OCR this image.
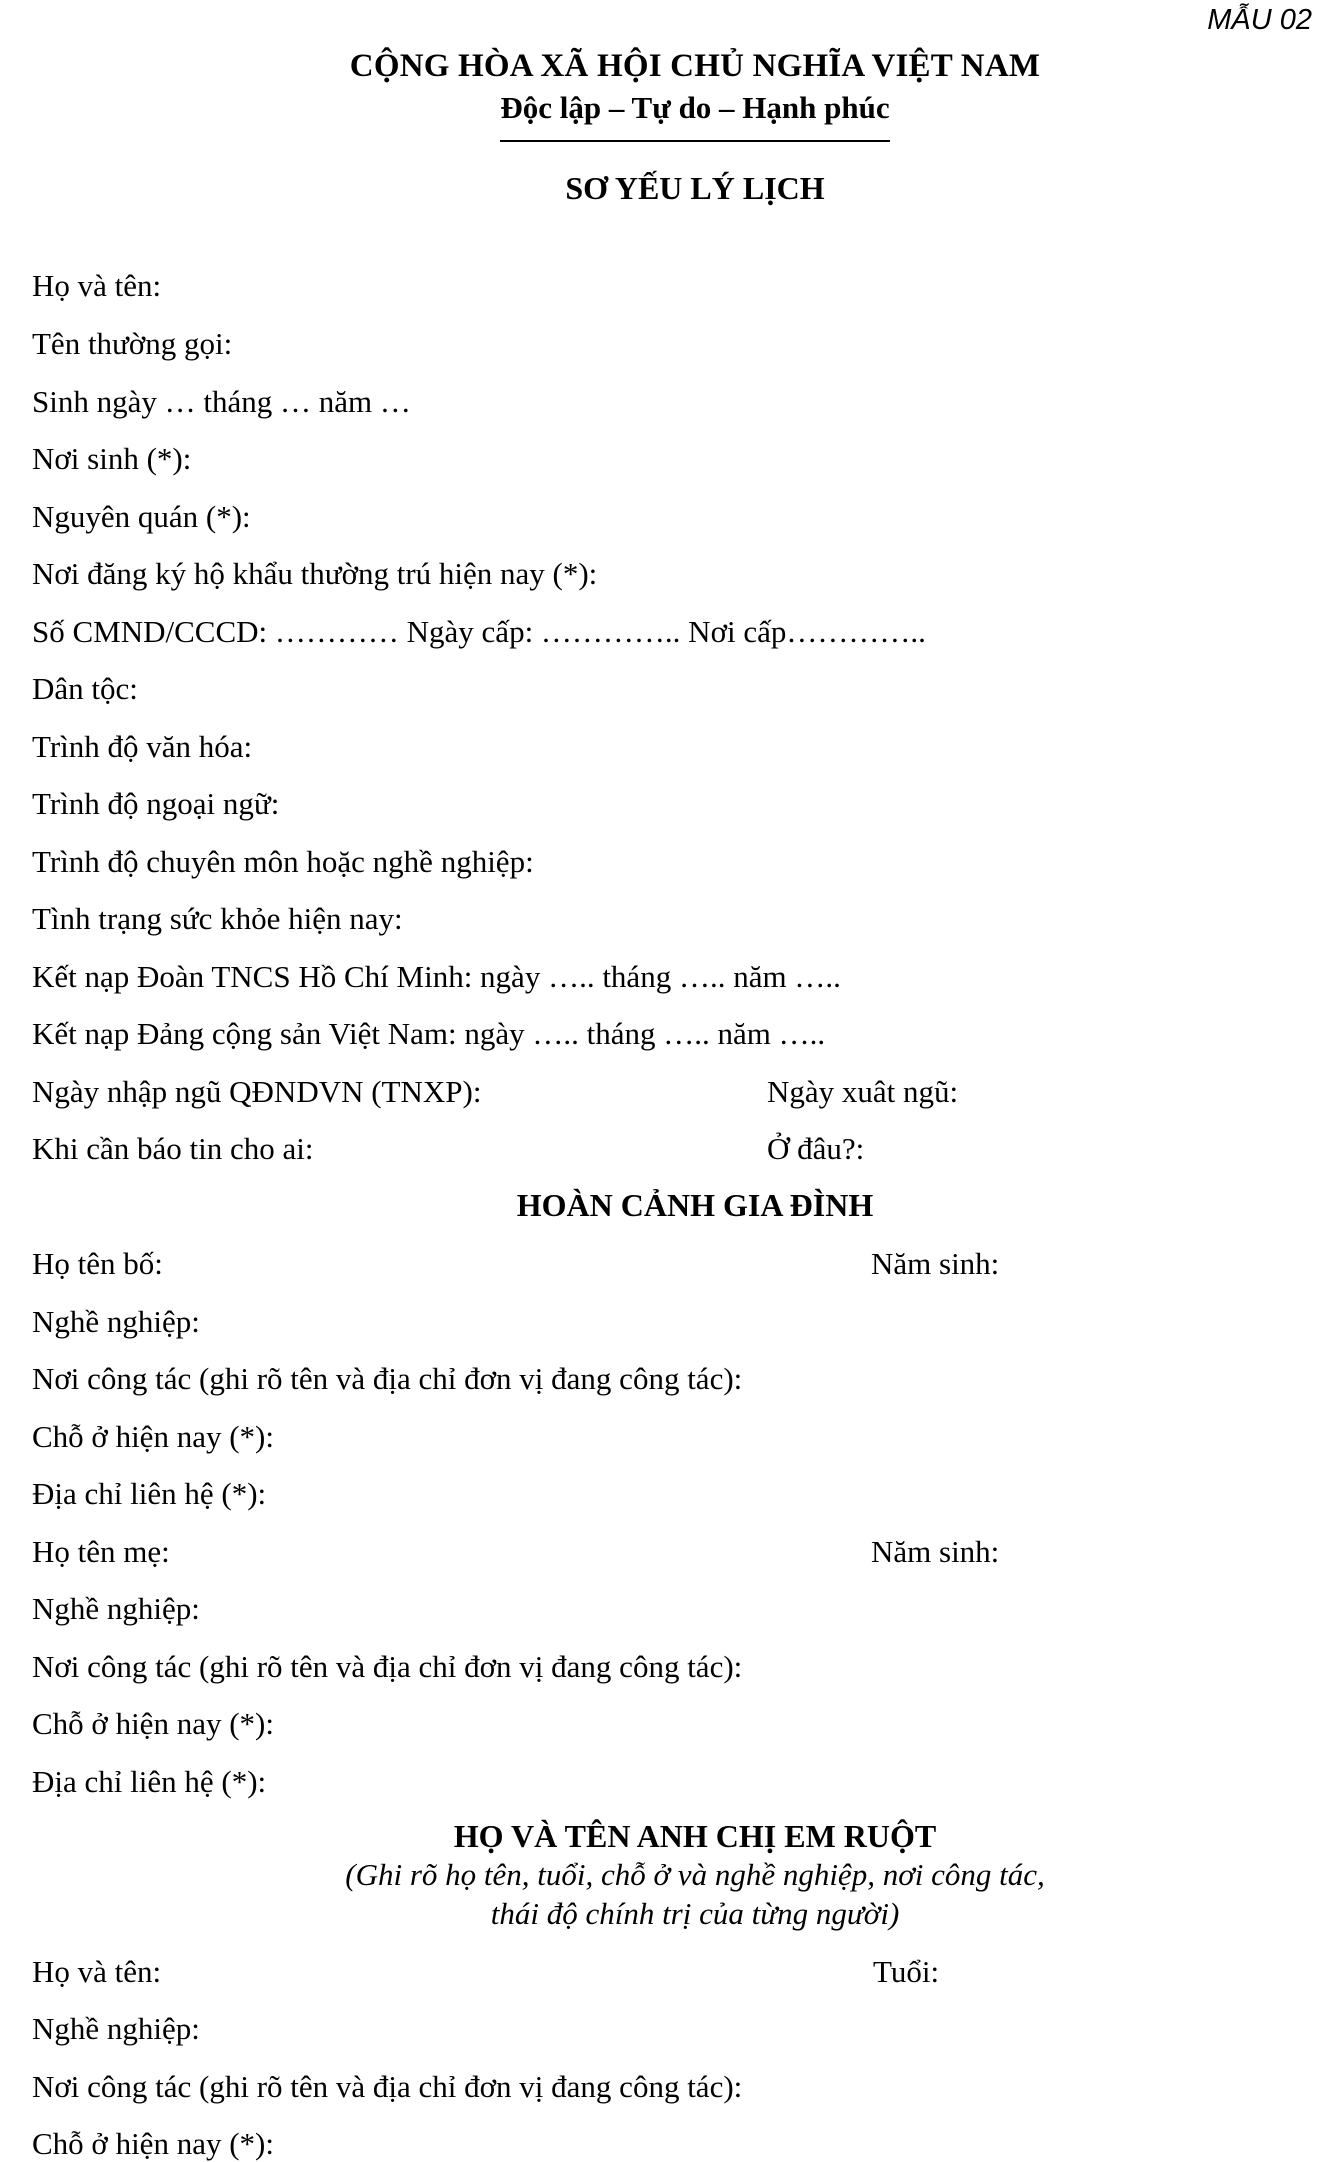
MẪU 02
CỘNG HÒA XÃ HỘI CHỦ NGHĨA VIỆT NAM
Độc lập – Tự do – Hạnh phúc
SƠ YẾU LÝ LỊCH
Họ và tên:
Tên thường gọi:
Sinh ngày … tháng … năm …
Nơi sinh (*):
Nguyên quán (*):
Nơi đăng ký hộ khẩu thường trú hiện nay (*):
Số CMND/CCCD: ………… Ngày cấp: ………….. Nơi cấp…………..
Dân tộc:
Trình độ văn hóa:
Trình độ ngoại ngữ:
Trình độ chuyên môn hoặc nghề nghiệp:
Tình trạng sức khỏe hiện nay:
Kết nạp Đoàn TNCS Hồ Chí Minh: ngày ….. tháng ….. năm …..
Kết nạp Đảng cộng sản Việt Nam: ngày ….. tháng ….. năm …..
Ngày nhập ngũ QĐNDVN (TNXP):	Ngày xuât ngũ:
Khi cần báo tin cho ai:	Ở đâu?:
HOÀN CẢNH GIA ĐÌNH
Họ tên bố:	Năm sinh:
Nghề nghiệp:
Nơi công tác (ghi rõ tên và địa chỉ đơn vị đang công tác):
Chỗ ở hiện nay (*):
Địa chỉ liên hệ (*):
Họ tên mẹ:	Năm sinh:
Nghề nghiệp:
Nơi công tác (ghi rõ tên và địa chỉ đơn vị đang công tác):
Chỗ ở hiện nay (*):
Địa chỉ liên hệ (*):
HỌ VÀ TÊN ANH CHỊ EM RUỘT
(Ghi rõ họ tên, tuổi, chỗ ở và nghề nghiệp, nơi công tác,
thái độ chính trị của từng người)
Họ và tên:	Tuổi:
Nghề nghiệp:
Nơi công tác (ghi rõ tên và địa chỉ đơn vị đang công tác):
Chỗ ở hiện nay (*):
